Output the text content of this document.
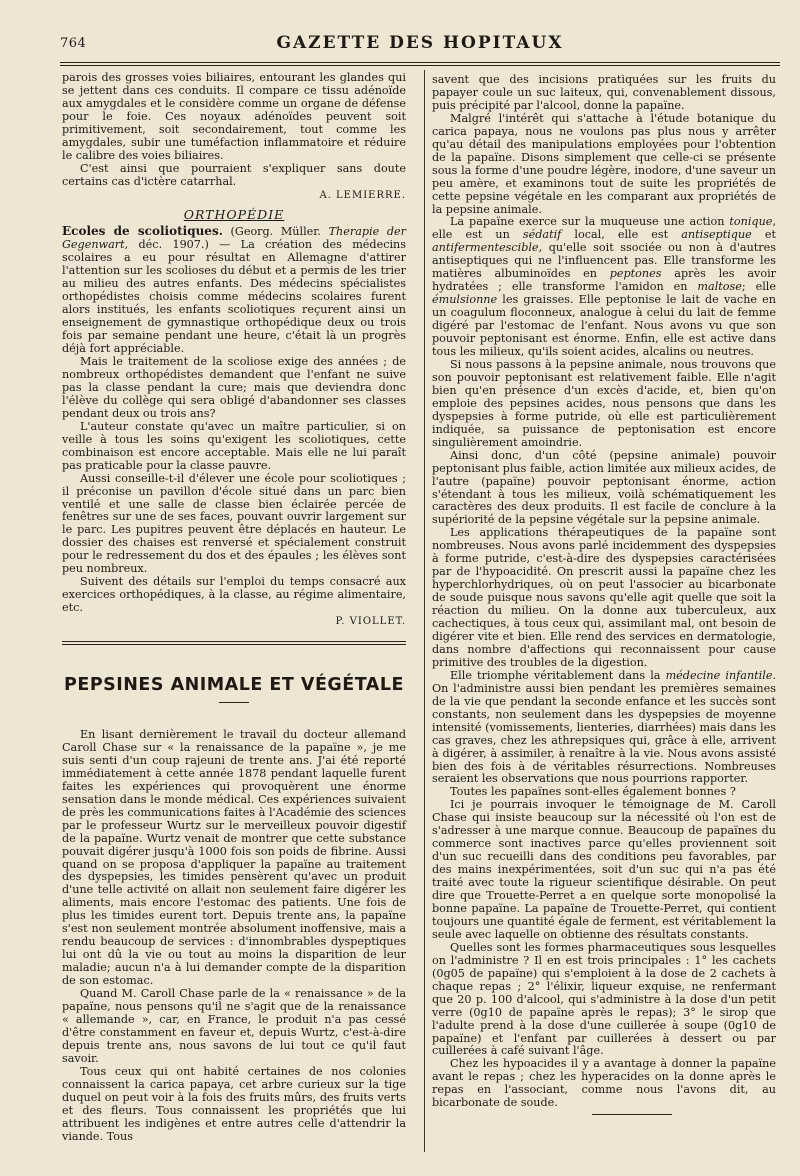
764	GAZETTE DES HOPITAUX

parois des grosses voies biliaires, entourant les glandes qui se jettent dans ces conduits. Il compare ce tissu adénoïde aux amygdales et le considère comme un organe de défense pour le foie. Ces noyaux adénoïdes peuvent soit primitivement, soit secondairement, tout comme les amygdales, subir une tuméfaction inflammatoire et réduire le calibre des voies biliaires.

C'est ainsi que pourraient s'expliquer sans doute certains cas d'ictère catarrhal.

A. LEMIERRE.
ORTHOPÉDIE

Ecoles de scoliotiques. (Georg. Müller. Therapie der Gegenwart, déc. 1907.) — La création des médecins scolaires a eu pour résultat en Allemagne d'attirer l'attention sur les scolioses du début et a permis de les trier au milieu des autres enfants. Des médecins spécialistes orthopédistes choisis comme médecins scolaires furent alors institués, les enfants scoliotiques reçurent ainsi un enseignement de gymnastique orthopédique deux ou trois fois par semaine pendant une heure, c'était là un progrès déjà fort appréciable.

Mais le traitement de la scoliose exige des années ; de nombreux orthopédistes demandent que l'enfant ne suive pas la classe pendant la cure; mais que deviendra donc l'élève du collège qui sera obligé d'abandonner ses classes pendant deux ou trois ans?

L'auteur constate qu'avec un maître particulier, si on veille à tous les soins qu'exigent les scoliotiques, cette combinaison est encore acceptable. Mais elle ne lui paraît pas praticable pour la classe pauvre.

Aussi conseille-t-il d'élever une école pour scoliotiques ; il préconise un pavillon d'école situé dans un parc bien ventilé et une salle de classe bien éclairée percée de fenêtres sur une de ses faces, pouvant ouvrir largement sur le parc. Les pupitres peuvent être déplacés en hauteur. Le dossier des chaises est renversé et spécialement construit pour le redressement du dos et des épaules ; les élèves sont peu nombreux.

Suivent des détails sur l'emploi du temps consacré aux exercices orthopédiques, à la classe, au régime alimentaire, etc.

P. VIOLLET.
PEPSINES ANIMALE ET VÉGÉTALE

En lisant dernièrement le travail du docteur allemand Caroll Chase sur « la renaissance de la papaïne », je me suis senti d'un coup rajeuni de trente ans. J'ai été reporté immédiatement à cette année 1878 pendant laquelle furent faites les expériences qui provoquèrent une énorme sensation dans le monde médical. Ces expériences suivaient de près les communications faites à l'Académie des sciences par le professeur Wurtz sur le merveilleux pouvoir digestif de la papaïne. Wurtz venait de montrer que cette substance pouvait digérer jusqu'à 1000 fois son poids de fibrine. Aussi quand on se proposa d'appliquer la papaïne au traitement des dyspepsies, les timides pensèrent qu'avec un produit d'une telle activité on allait non seulement faire digérer les aliments, mais encore l'estomac des patients. Une fois de plus les timides eurent tort. Depuis trente ans, la papaïne s'est non seulement montrée absolument inoffensive, mais a rendu beaucoup de services : d'innombrables dyspeptiques lui ont dû la vie ou tout au moins la disparition de leur maladie; aucun n'a à lui demander compte de la disparition de son estomac.

Quand M. Caroll Chase parle de la « renaissance » de la papaïne, nous pensons qu'il ne s'agit que de la renaissance « allemande », car, en France, le produit n'a pas cessé d'être constamment en faveur et, depuis Wurtz, c'est-à-dire depuis trente ans, nous savons de lui tout ce qu'il faut savoir.

Tous ceux qui ont habité certaines de nos colonies connaissent la carica papaya, cet arbre curieux sur la tige duquel on peut voir à la fois des fruits mûrs, des fruits verts et des fleurs. Tous connaissent les propriétés que lui attribuent les indigènes et entre autres celle d'attendrir la viande. Tous

savent que des incisions pratiquées sur les fruits du papayer coule un suc laiteux, qui, convenablement dissous, puis précipité par l'alcool, donne la papaïne.

Malgré l'intérêt qui s'attache à l'étude botanique du carica papaya, nous ne voulons pas plus nous y arrêter qu'au détail des manipulations employées pour l'obtention de la papaïne. Disons simplement que celle-ci se présente sous la forme d'une poudre légère, inodore, d'une saveur un peu amère, et examinons tout de suite les propriétés de cette pepsine végétale en les comparant aux propriétés de la pepsine animale.

La papaïne exerce sur la muqueuse une action tonique, elle est un sédatif local, elle est antiseptique et antifermentescible, qu'elle soit ssociée ou non à d'autres antiseptiques qui ne l'influencent pas. Elle transforme les matières albuminoïdes en peptones après les avoir hydratées ; elle transforme l'amidon en maltose; elle émulsionne les graisses. Elle peptonise le lait de vache en un coagulum floconneux, analogue à celui du lait de femme digéré par l'estomac de l'enfant. Nous avons vu que son pouvoir peptonisant est énorme. Enfin, elle est active dans tous les milieux, qu'ils soient acides, alcalins ou neutres.

Si nous passons à la pepsine animale, nous trouvons que son pouvoir peptonisant est relativement faible. Elle n'agit bien qu'en présence d'un excès d'acide, et, bien qu'on emploie des pepsines acides, nous pensons que dans les dyspepsies à forme putride, où elle est particulièrement indiquée, sa puissance de peptonisation est encore singulièrement amoindrie.

Ainsi donc, d'un côté (pepsine animale) pouvoir peptonisant plus faible, action limitée aux milieux acides, de l'autre (papaïne) pouvoir peptonisant énorme, action s'étendant à tous les milieux, voilà schématiquement les caractères des deux produits. Il est facile de conclure à la supériorité de la pepsine végétale sur la pepsine animale.

Les applications thérapeutiques de la papaïne sont nombreuses. Nous avons parlé incidemment des dyspepsies à forme putride, c'est-à-dire des dyspepsies caractérisées par de l'hypoacidité. On prescrit aussi la papaïne chez les hyperchlorhydriques, où on peut l'associer au bicarbonate de soude puisque nous savons qu'elle agit quelle que soit la réaction du milieu. On la donne aux tuberculeux, aux cachectiques, à tous ceux qui, assimilant mal, ont besoin de digérer vite et bien. Elle rend des services en dermatologie, dans nombre d'affections qui reconnaissent pour cause primitive des troubles de la digestion.

Elle triomphe véritablement dans la médecine infantile. On l'administre aussi bien pendant les premières semaines de la vie que pendant la seconde enfance et les succès sont constants, non seulement dans les dyspepsies de moyenne intensité (vomissements, lienteries, diarrhées) mais dans les cas graves, chez les athrepsiques qui, grâce à elle, arrivent à digérer, à assimiler, à renaître à la vie. Nous avons assisté bien des fois à de véritables résurrections. Nombreuses seraient les observations que nous pourrions rapporter.

Toutes les papaïnes sont-elles également bonnes ?

Ici je pourrais invoquer le témoignage de M. Caroll Chase qui insiste beaucoup sur la nécessité où l'on est de s'adresser à une marque connue. Beaucoup de papaïnes du commerce sont inactives parce qu'elles proviennent soit d'un suc recueilli dans des conditions peu favorables, par des mains inexpérimentées, soit d'un suc qui n'a pas été traité avec toute la rigueur scientifique désirable. On peut dire que Trouette-Perret a en quelque sorte monopolisé la bonne papaïne. La papaïne de Trouette-Perret, qui contient toujours une quantité égale de ferment, est véritablement la seule avec laquelle on obtienne des résultats constants.

Quelles sont les formes pharmaceutiques sous lesquelles on l'administre ? Il en est trois principales : 1° les cachets (0g05 de papaïne) qui s'emploient à la dose de 2 cachets à chaque repas ; 2° l'élixir, liqueur exquise, ne renfermant que 20 p. 100 d'alcool, qui s'administre à la dose d'un petit verre (0g10 de papaïne après le repas); 3° le sirop que l'adulte prend à la dose d'une cuillerée à soupe (0g10 de papaïne) et l'enfant par cuillerées à dessert ou par cuillerées à café suivant l'âge.

Chez les hypoacides il y a avantage à donner la papaïne avant le repas ; chez les hyperacides on la donne après le repas en l'associant, comme nous l'avons dit, au bicarbonate de soude.
